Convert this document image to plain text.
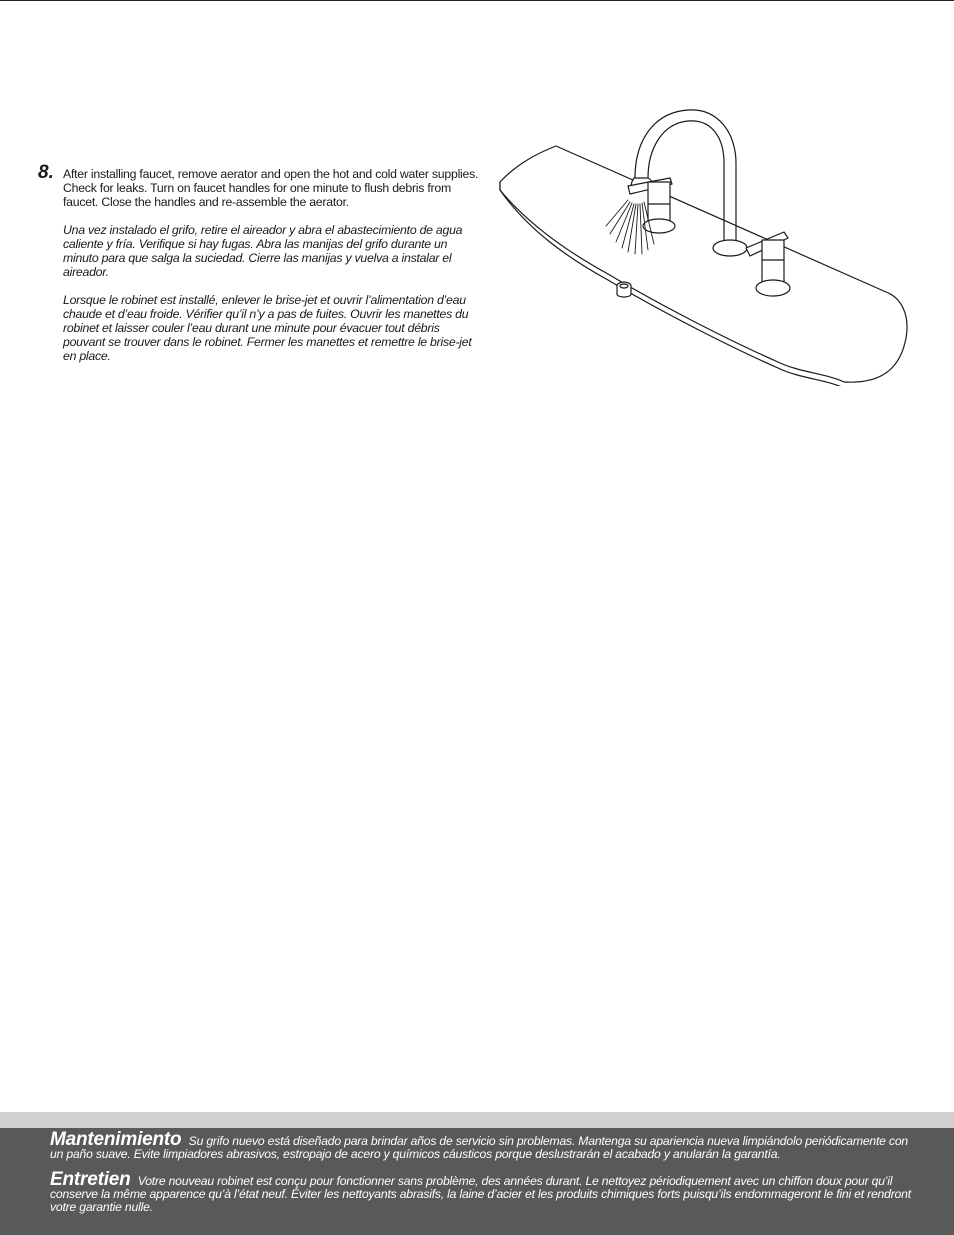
8. After installing faucet, remove aerator and open the hot and cold water supplies. Check for leaks. Turn on faucet handles for one minute to flush debris from faucet. Close the handles and re-assemble the aerator.

Una vez instalado el grifo, retire el aireador y abra el abastecimiento de agua caliente y fría. Verifique si hay fugas. Abra las manijas del grifo durante un minuto para que salga la suciedad. Cierre las manijas y vuelva a instalar el aireador.

Lorsque le robinet est installé, enlever le brise-jet et ouvrir l’alimentation d’eau chaude et d’eau froide. Vérifier qu’il n’y a pas de fuites. Ouvrir les manettes du robinet et laisser couler l’eau durant une minute pour évacuer tout débris pouvant se trouver dans le robinet. Fermer les manettes et remettre le brise-jet en place.

Mantenimiento Su grifo nuevo está diseñado para brindar años de servicio sin problemas. Mantenga su apariencia nueva limpiándolo periódicamente con un paño suave. Evite limpiadores abrasivos, estropajo de acero y químicos cáusticos porque deslustrarán el acabado y anularán la garantía.
Entretien Votre nouveau robinet est conçu pour fonctionner sans problème, des années durant. Le nettoyez périodiquement avec un chiffon doux pour qu’il conserve la même apparence qu’à l’état neuf. Éviter les nettoyants abrasifs, la laine d’acier et les produits chimiques forts puisqu’ils endommageront le fini et rendront votre garantie nulle.
